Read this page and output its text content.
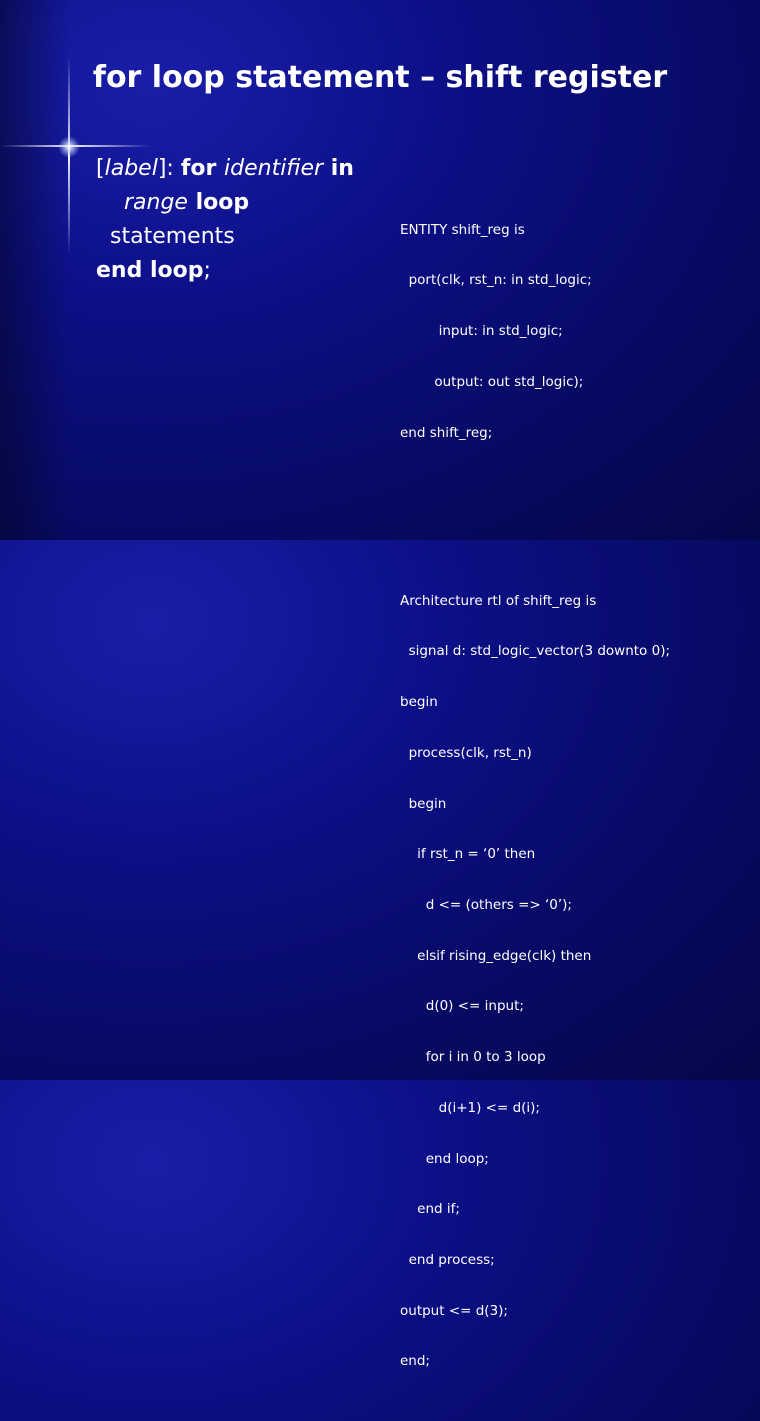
for loop statement – shift register
[label]: for identifier in
range loop
statements
end loop;

ENTITY shift_reg is

port(clk, rst_n: in std_logic;

input: in std_logic;

output: out std_logic);

end shift_reg;

Architecture rtl of shift_reg is

signal d: std_logic_vector(3 downto 0);

begin

process(clk, rst_n)

begin

if rst_n = ‘0’ then

d <= (others => ‘0’);

elsif rising_edge(clk) then

d(0) <= input;

for i in 0 to 3 loop

d(i+1) <= d(i);

end loop;

end if;

end process;

output <= d(3);

end;
